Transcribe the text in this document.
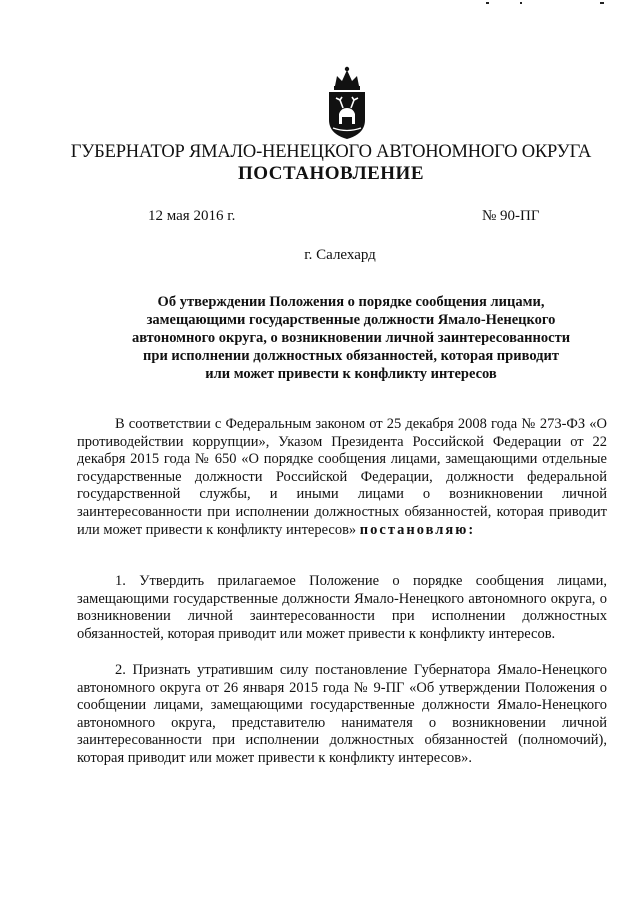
ГУБЕРНАТОР ЯМАЛО-НЕНЕЦКОГО АВТОНОМНОГО ОКРУГА
ПОСТАНОВЛЕНИЕ
12 мая 2016 г.	№ 90-ПГ
г. Салехард
Об утверждении Положения о порядке сообщения лицами,
замещающими государственные должности Ямало-Ненецкого
автономного округа, о возникновении личной заинтересованности
при исполнении должностных обязанностей, которая приводит
или может привести к конфликту интересов

В соответствии с Федеральным законом от 25 декабря 2008 года № 273-ФЗ «О противодействии коррупции», Указом Президента Российской Федерации от 22 декабря 2015 года № 650 «О порядке сообщения лицами, замещающими отдельные государственные должности Российской Федерации, должности федеральной государственной службы, и иными лицами о возникновении личной заинтересованности при исполнении должностных обязанностей, которая приводит или может привести к конфликту интересов» постановляю:

1. Утвердить прилагаемое Положение о порядке сообщения лицами, замещающими государственные должности Ямало-Ненецкого автономного округа, о возникновении личной заинтересованности при исполнении должностных обязанностей, которая приводит или может привести к конфликту интересов.

2. Признать утратившим силу постановление Губернатора Ямало-Ненецкого автономного округа от 26 января 2015 года № 9-ПГ «Об утверждении Положения о сообщении лицами, замещающими государственные должности Ямало-Ненецкого автономного округа, представителю нанимателя о возникновении личной заинтересованности при исполнении должностных обязанностей (полномочий), которая приводит или может привести к конфликту интересов».
